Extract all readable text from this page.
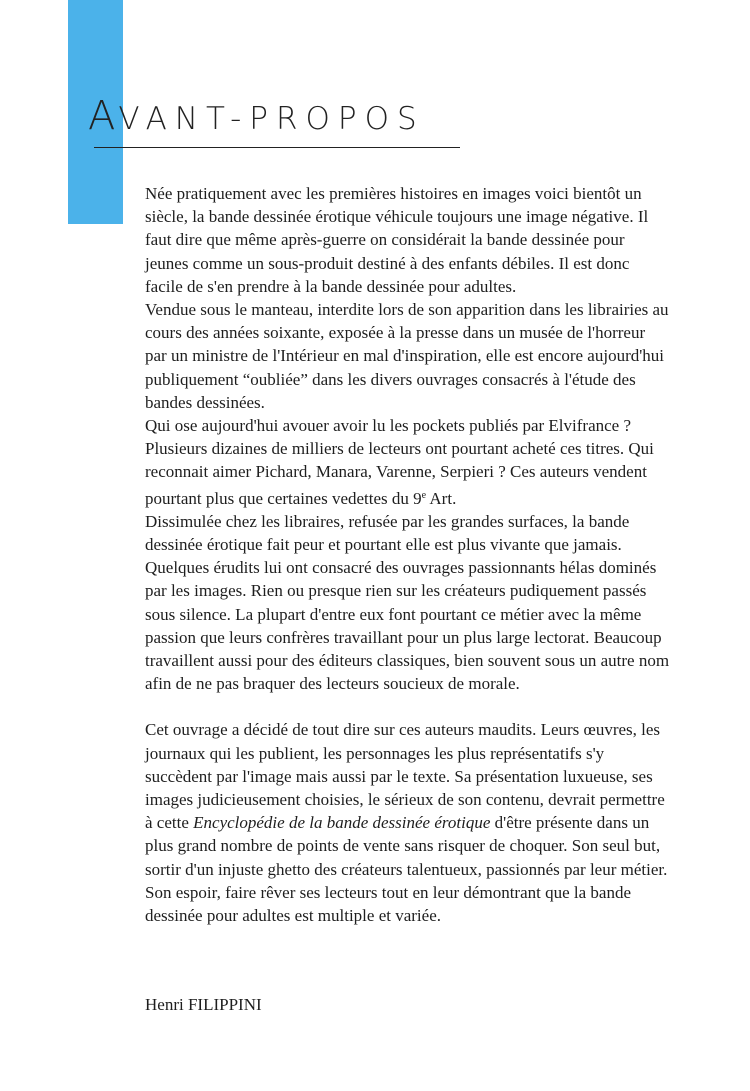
AVANT-PROPOS

Née pratiquement avec les premières histoires en images voici bientôt un siècle, la bande dessinée érotique véhicule toujours une image négative. Il faut dire que même après-guerre on considérait la bande dessinée pour jeunes comme un sous-produit destiné à des enfants débiles. Il est donc facile de s'en prendre à la bande dessinée pour adultes.

Vendue sous le manteau, interdite lors de son apparition dans les librairies au cours des années soixante, exposée à la presse dans un musée de l'horreur par un ministre de l'Intérieur en mal d'inspiration, elle est encore aujourd'hui publiquement “oubliée” dans les divers ouvrages consacrés à l'étude des bandes dessinées.

Qui ose aujourd'hui avouer avoir lu les pockets publiés par Elvifrance ? Plusieurs dizaines de milliers de lecteurs ont pourtant acheté ces titres. Qui reconnait aimer Pichard, Manara, Varenne, Serpieri ? Ces auteurs vendent pourtant plus que certaines vedettes du 9e Art.

Dissimulée chez les libraires, refusée par les grandes surfaces, la bande dessinée érotique fait peur et pourtant elle est plus vivante que jamais. Quelques érudits lui ont consacré des ouvrages passionnants hélas dominés par les images. Rien ou presque rien sur les créateurs pudiquement passés sous silence. La plupart d'entre eux font pourtant ce métier avec la même passion que leurs confrères travaillant pour un plus large lectorat. Beaucoup travaillent aussi pour des éditeurs classiques, bien souvent sous un autre nom afin de ne pas braquer des lecteurs soucieux de morale.

Cet ouvrage a décidé de tout dire sur ces auteurs maudits. Leurs œuvres, les journaux qui les publient, les personnages les plus représentatifs s'y succèdent par l'image mais aussi par le texte. Sa présentation luxueuse, ses images judicieusement choisies, le sérieux de son contenu, devrait permettre à cette Encyclopédie de la bande dessinée érotique d'être présente dans un plus grand nombre de points de vente sans risquer de choquer. Son seul but, sortir d'un injuste ghetto des créateurs talentueux, passionnés par leur métier. Son espoir, faire rêver ses lecteurs tout en leur démontrant que la bande dessinée pour adultes est multiple et variée.

Henri FILIPPINI
